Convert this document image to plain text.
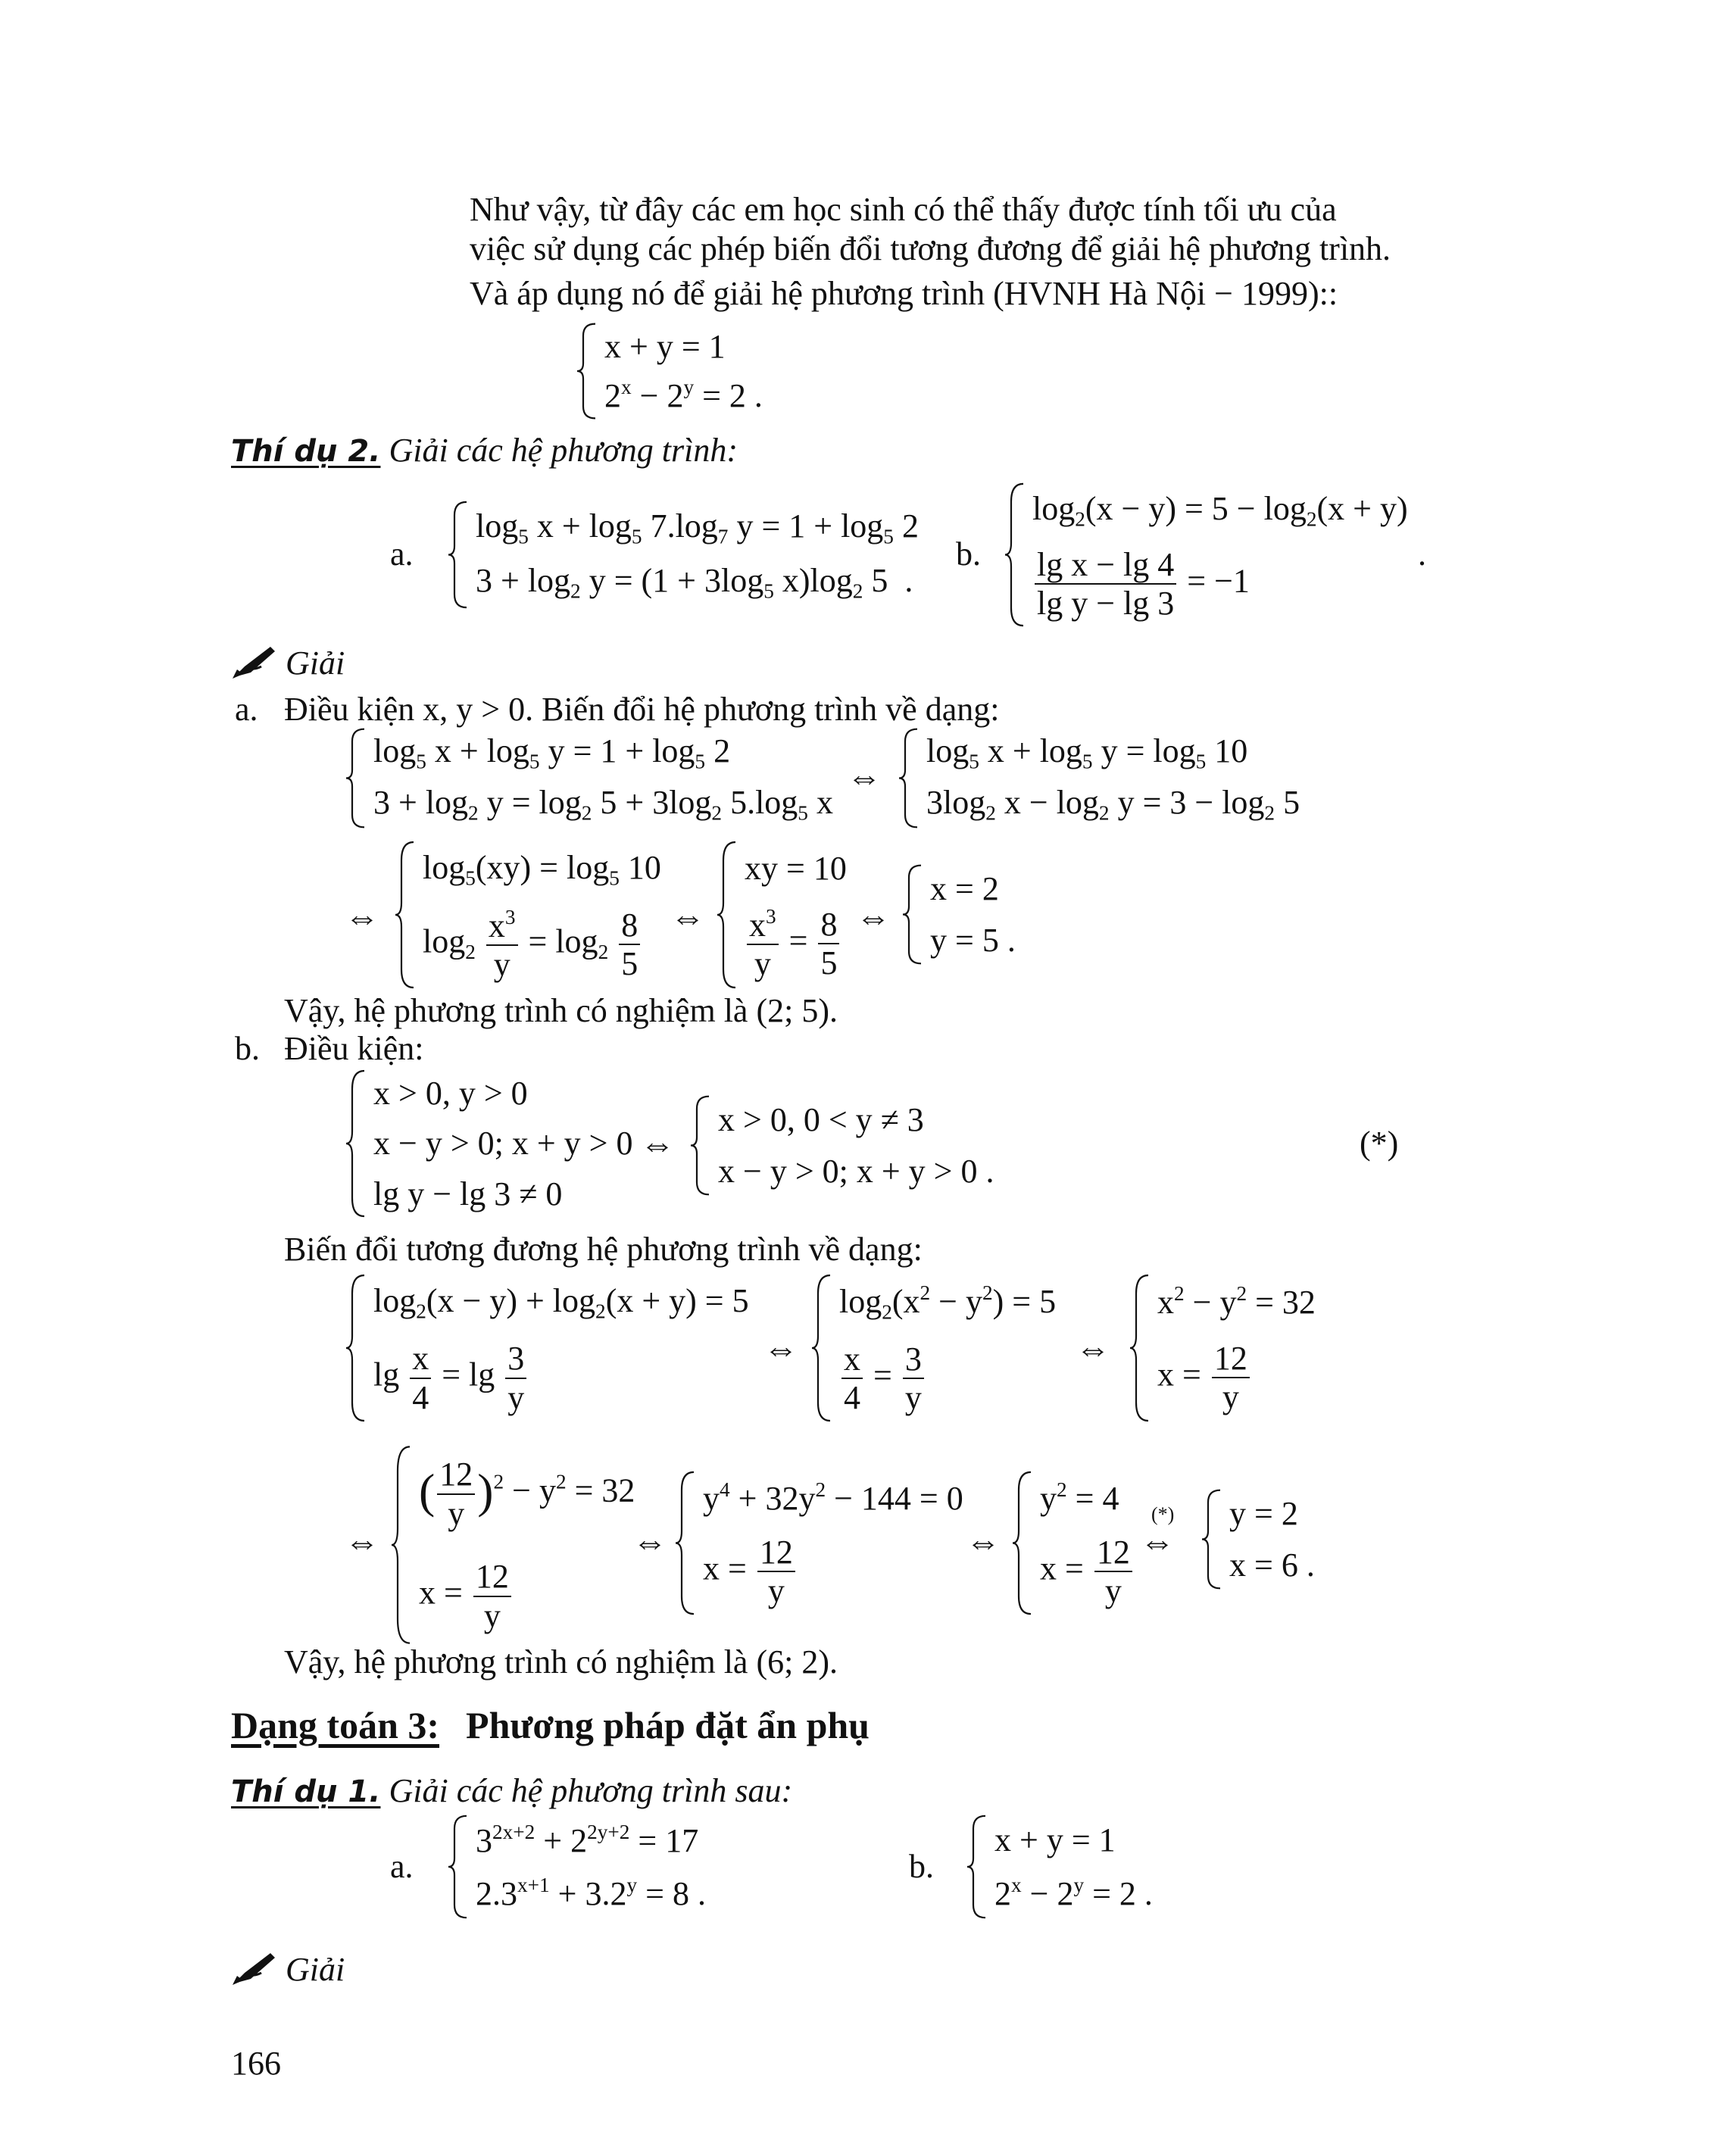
Như vậy, từ đây các em học sinh có thể thấy được tính tối ưu của
việc sử dụng các phép biến đổi tương đương để giải hệ phương trình.
Và áp dụng nó để giải hệ phương trình (HVNH Hà Nội − 1999)::
x + y = 1
$2^x - 2^y = 2$ .
Thí dụ 2. Giải các hệ phương trình:
a.
$\log_5 x + \log_5 7.\log_7$ $y = 1 + \log_5 2$
$3 + \log_2 y = (1 + 3\log_5$ $x)\log_2$ 5  .
b.
$\log_2(x - y) = 5 - \log_2(x + y)$
$\frac{\text{lg x − lg 4}}{\text{lg y − lg 3}} = -1$
.
Giải
a. Điều kiện x, y > 0. Biến đổi hệ phương trình về dạng:
$\log_5 x + \log_5 y = 1 + \log_5 2$
$3 + \log_2 y = \log_2 5 + 3\log_2$ $5.\log_5$ x
⇔
$\log_5 x + \log_5 y = \log_5 10$
$3\log_2$ $x - \log_2 y = 3 - \log_2 5$
⇔
$\log_5(xy) = \log_5 10$
$\log_2 \frac{x^3}{y} = \log_2 \frac{8}{5}$ ⇔
xy = 10
$\frac{x^3}{y} = \frac{8}{5}$ ⇔
x = 2
y = 5 .
Vậy, hệ phương trình có nghiệm là (2; 5).
b. Điều kiện:
x > 0, y > 0
x − y > 0; x + y > 0
lg y − lg 3 ≠ 0
⇔
x > 0, 0 < y ≠ 3
x − y > 0; x + y > 0 .
(*)
Biến đổi tương đương hệ phương trình về dạng:
$\log_2(x - y) + \log_2(x + y) = 5$
$\lg \frac{x}{4} = \lg \frac{3}{y}$	⇔
$\log_2(x^2 - y^2) = 5$
$\frac{x}{4} = \frac{3}{y}$	⇔
$x^2 - y^2 = 32$
$x = \frac{12}{y}$
⇔
( $\frac{12}{y} )^2 - y^2 = 32$
$x = \frac{12}{y}$
⇔
$y^4 + 32y^2 - 144 = 0$
$x = \frac{12}{y}$	⇔
$y^2 = 4$
$x = \frac{12}{y}$
(*)
⇔
y = 2
x = 6 .
Vậy, hệ phương trình có nghiệm là (6; 2).
Dạng toán 3: Phương pháp đặt ẩn phụ
Thí dụ 1. Giải các hệ phương trình sau:
a.
$3^{2x+2} + 2^{2y+2} = 17$
$2.3^{x+1} + 3.2^y = 8$ .
b.
x + y = 1
$2^x - 2^y = 2$ .
Giải
166
